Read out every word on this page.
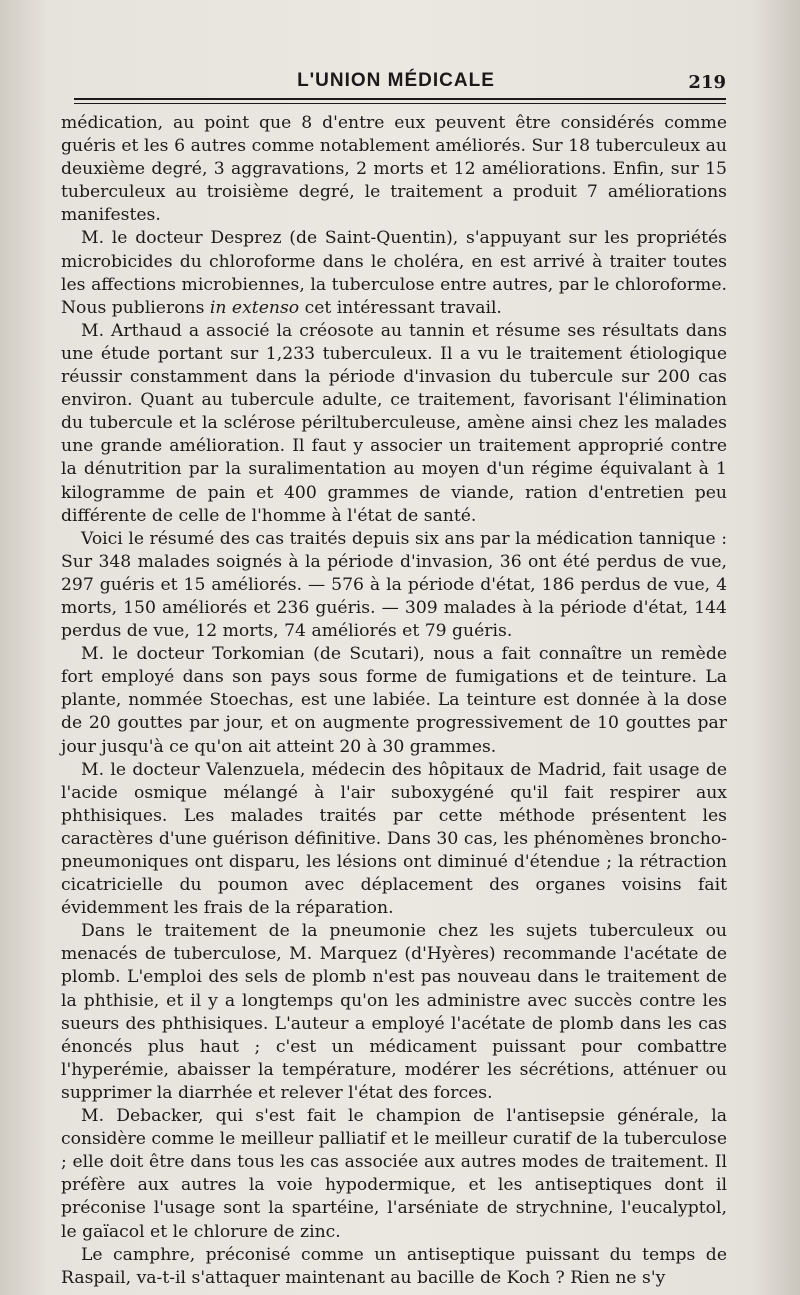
L'UNION MÉDICALE	219

médication, au point que 8 d'entre eux peuvent être considérés comme guéris et les 6 autres comme notablement améliorés. Sur 18 tuberculeux au deuxième degré, 3 aggravations, 2 morts et 12 améliorations. Enfin, sur 15 tuberculeux au troisième degré, le traitement a produit 7 améliorations manifestes.

M. le docteur Desprez (de Saint-Quentin), s'appuyant sur les propriétés microbicides du chloroforme dans le choléra, en est arrivé à traiter toutes les affections microbiennes, la tuberculose entre autres, par le chloroforme. Nous publierons in extenso cet intéressant travail.

M. Arthaud a associé la créosote au tannin et résume ses résultats dans une étude portant sur 1,233 tuberculeux. Il a vu le traitement étiologique réussir constamment dans la période d'invasion du tubercule sur 200 cas environ. Quant au tubercule adulte, ce traitement, favorisant l'élimination du tubercule et la sclérose périltuberculeuse, amène ainsi chez les malades une grande amélioration. Il faut y associer un traitement approprié contre la dénutrition par la suralimentation au moyen d'un régime équivalant à 1 kilogramme de pain et 400 grammes de viande, ration d'entretien peu différente de celle de l'homme à l'état de santé.

Voici le résumé des cas traités depuis six ans par la médication tannique : Sur 348 malades soignés à la période d'invasion, 36 ont été perdus de vue, 297 guéris et 15 améliorés. — 576 à la période d'état, 186 perdus de vue, 4 morts, 150 améliorés et 236 guéris. — 309 malades à la période d'état, 144 perdus de vue, 12 morts, 74 améliorés et 79 guéris.

M. le docteur Torkomian (de Scutari), nous a fait connaître un remède fort employé dans son pays sous forme de fumigations et de teinture. La plante, nommée Stoechas, est une labiée. La teinture est donnée à la dose de 20 gouttes par jour, et on augmente progressivement de 10 gouttes par jour jusqu'à ce qu'on ait atteint 20 à 30 grammes.

M. le docteur Valenzuela, médecin des hôpitaux de Madrid, fait usage de l'acide osmique mélangé à l'air suboxygéné qu'il fait respirer aux phthisiques. Les malades traités par cette méthode présentent les caractères d'une guérison définitive. Dans 30 cas, les phénomènes broncho-pneumoniques ont disparu, les lésions ont diminué d'étendue ; la rétraction cicatricielle du poumon avec déplacement des organes voisins fait évidemment les frais de la réparation.

Dans le traitement de la pneumonie chez les sujets tuberculeux ou menacés de tuberculose, M. Marquez (d'Hyères) recommande l'acétate de plomb. L'emploi des sels de plomb n'est pas nouveau dans le traitement de la phthisie, et il y a longtemps qu'on les administre avec succès contre les sueurs des phthisiques. L'auteur a employé l'acétate de plomb dans les cas énoncés plus haut ; c'est un médicament puissant pour combattre l'hyperémie, abaisser la température, modérer les sécrétions, atténuer ou supprimer la diarrhée et relever l'état des forces.

M. Debacker, qui s'est fait le champion de l'antisepsie générale, la considère comme le meilleur palliatif et le meilleur curatif de la tuberculose ; elle doit être dans tous les cas associée aux autres modes de traitement. Il préfère aux autres la voie hypodermique, et les antiseptiques dont il préconise l'usage sont la spartéine, l'arséniate de strychnine, l'eucalyptol, le gaïacol et le chlorure de zinc.

Le camphre, préconisé comme un antiseptique puissant du temps de Raspail, va-t-il s'attaquer maintenant au bacille de Koch ? Rien ne s'y
